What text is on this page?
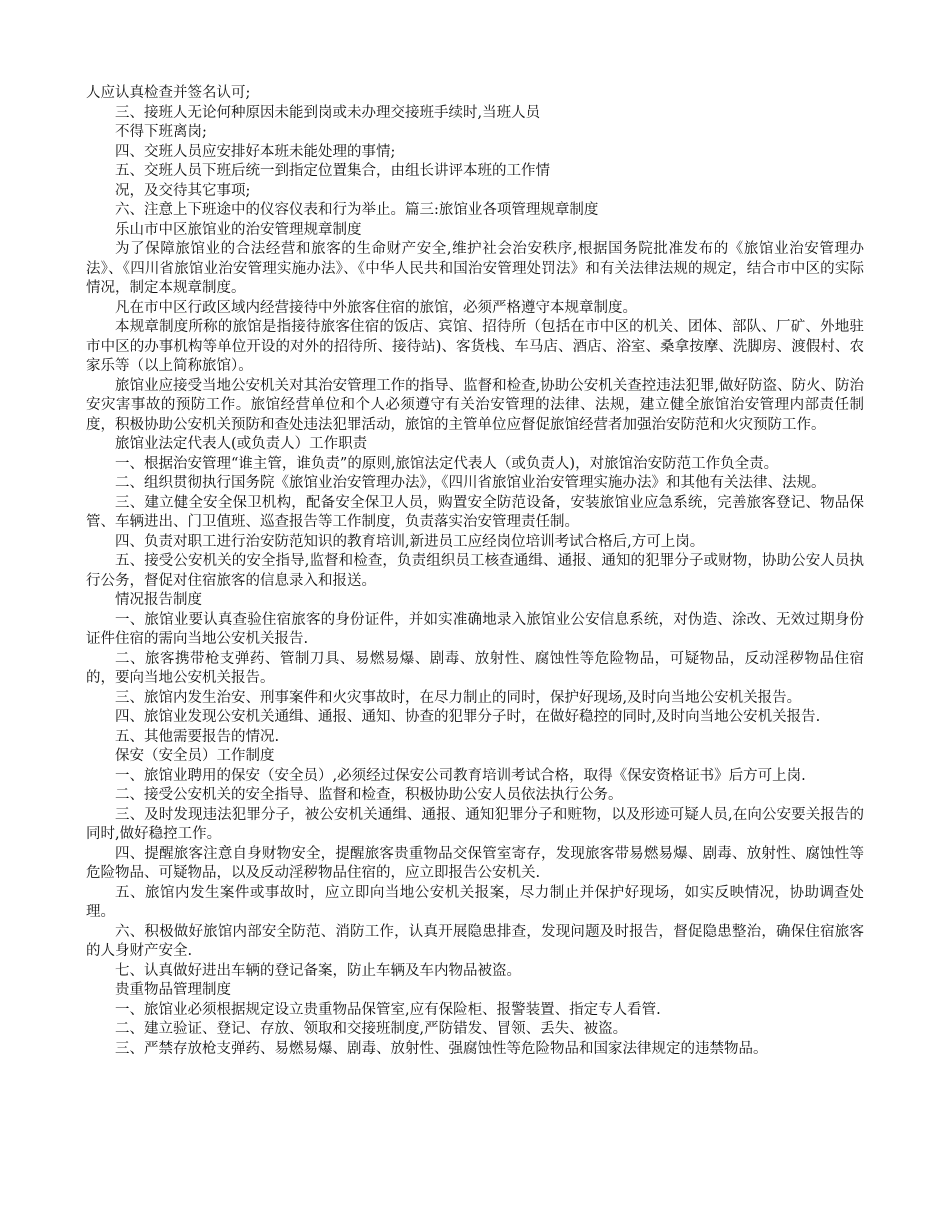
人应认真检查并签名认可;

三、接班人无论何种原因未能到岗或未办理交接班手续时,当班人员

不得下班离岗;

四、交班人员应安排好本班未能处理的事情;

五、交班人员下班后统一到指定位置集合，由组长讲评本班的工作情

况，及交待其它事项;

六、注意上下班途中的仪容仪表和行为举止。篇三:旅馆业各项管理规章制度

乐山市中区旅馆业的治安管理规章制度

为了保障旅馆业的合法经营和旅客的生命财产安全,维护社会治安秩序,根据国务院批准发布的《旅馆业治安管理办法》、《四川省旅馆业治安管理实施办法》、《中华人民共和国治安管理处罚法》和有关法律法规的规定，结合市中区的实际情况，制定本规章制度。

凡在市中区行政区域内经营接待中外旅客住宿的旅馆，必须严格遵守本规章制度。

本规章制度所称的旅馆是指接待旅客住宿的饭店、宾馆、招待所（包括在市中区的机关、团体、部队、厂矿、外地驻市中区的办事机构等单位开设的对外的招待所、接待站)、客货栈、车马店、酒店、浴室、桑拿按摩、洗脚房、渡假村、农家乐等（以上简称旅馆）。

旅馆业应接受当地公安机关对其治安管理工作的指导、监督和检查,协助公安机关查控违法犯罪,做好防盗、防火、防治安灾害事故的预防工作。旅馆经营单位和个人必须遵守有关治安管理的法律、法规，建立健全旅馆治安管理内部责任制度，积极协助公安机关预防和查处违法犯罪活动，旅馆的主管单位应督促旅馆经营者加强治安防范和火灾预防工作。

旅馆业法定代表人(或负责人）工作职责

一、根据治安管理“谁主管，谁负责”的原则,旅馆法定代表人（或负责人)，对旅馆治安防范工作负全责。

二、组织贯彻执行国务院《旅馆业治安管理办法》，《四川省旅馆业治安管理实施办法》和其他有关法律、法规。

三、建立健全安全保卫机构，配备安全保卫人员，购置安全防范设备，安装旅馆业应急系统，完善旅客登记、物品保管、车辆进出、门卫值班、巡查报告等工作制度，负责落实治安管理责任制。

四、负责对职工进行治安防范知识的教育培训,新进员工应经岗位培训考试合格后,方可上岗。

五、接受公安机关的安全指导,监督和检查，负责组织员工核查通缉、通报、通知的犯罪分子或财物，协助公安人员执行公务，督促对住宿旅客的信息录入和报送。

情况报告制度

一、旅馆业要认真查验住宿旅客的身份证件，并如实准确地录入旅馆业公安信息系统，对伪造、涂改、无效过期身份证件住宿的需向当地公安机关报告.

二、旅客携带枪支弹药、管制刀具、易燃易爆、剧毒、放射性、腐蚀性等危险物品，可疑物品，反动淫秽物品住宿的，要向当地公安机关报告。

三、旅馆内发生治安、刑事案件和火灾事故时，在尽力制止的同时，保护好现场,及时向当地公安机关报告。

四、旅馆业发现公安机关通缉、通报、通知、协查的犯罪分子时，在做好稳控的同时,及时向当地公安机关报告.

五、其他需要报告的情况.

保安（安全员）工作制度

一、旅馆业聘用的保安（安全员）,必须经过保安公司教育培训考试合格，取得《保安资格证书》后方可上岗.

二、接受公安机关的安全指导、监督和检查，积极协助公安人员依法执行公务。

三、及时发现违法犯罪分子，被公安机关通缉、通报、通知犯罪分子和赃物，以及形迹可疑人员,在向公安要关报告的同时,做好稳控工作。

四、提醒旅客注意自身财物安全，提醒旅客贵重物品交保管室寄存，发现旅客带易燃易爆、剧毒、放射性、腐蚀性等危险物品、可疑物品，以及反动淫秽物品住宿的，应立即报告公安机关.

五、旅馆内发生案件或事故时，应立即向当地公安机关报案，尽力制止并保护好现场，如实反映情况，协助调查处理。

六、积极做好旅馆内部安全防范、消防工作，认真开展隐患排查，发现问题及时报告，督促隐患整治，确保住宿旅客的人身财产安全.

七、认真做好进出车辆的登记备案，防止车辆及车内物品被盗。

贵重物品管理制度

一、旅馆业必须根据规定设立贵重物品保管室,应有保险柜、报警装置、指定专人看管.

二、建立验证、登记、存放、领取和交接班制度,严防错发、冒领、丢失、被盗。

三、严禁存放枪支弹药、易燃易爆、剧毒、放射性、强腐蚀性等危险物品和国家法律规定的违禁物品。
